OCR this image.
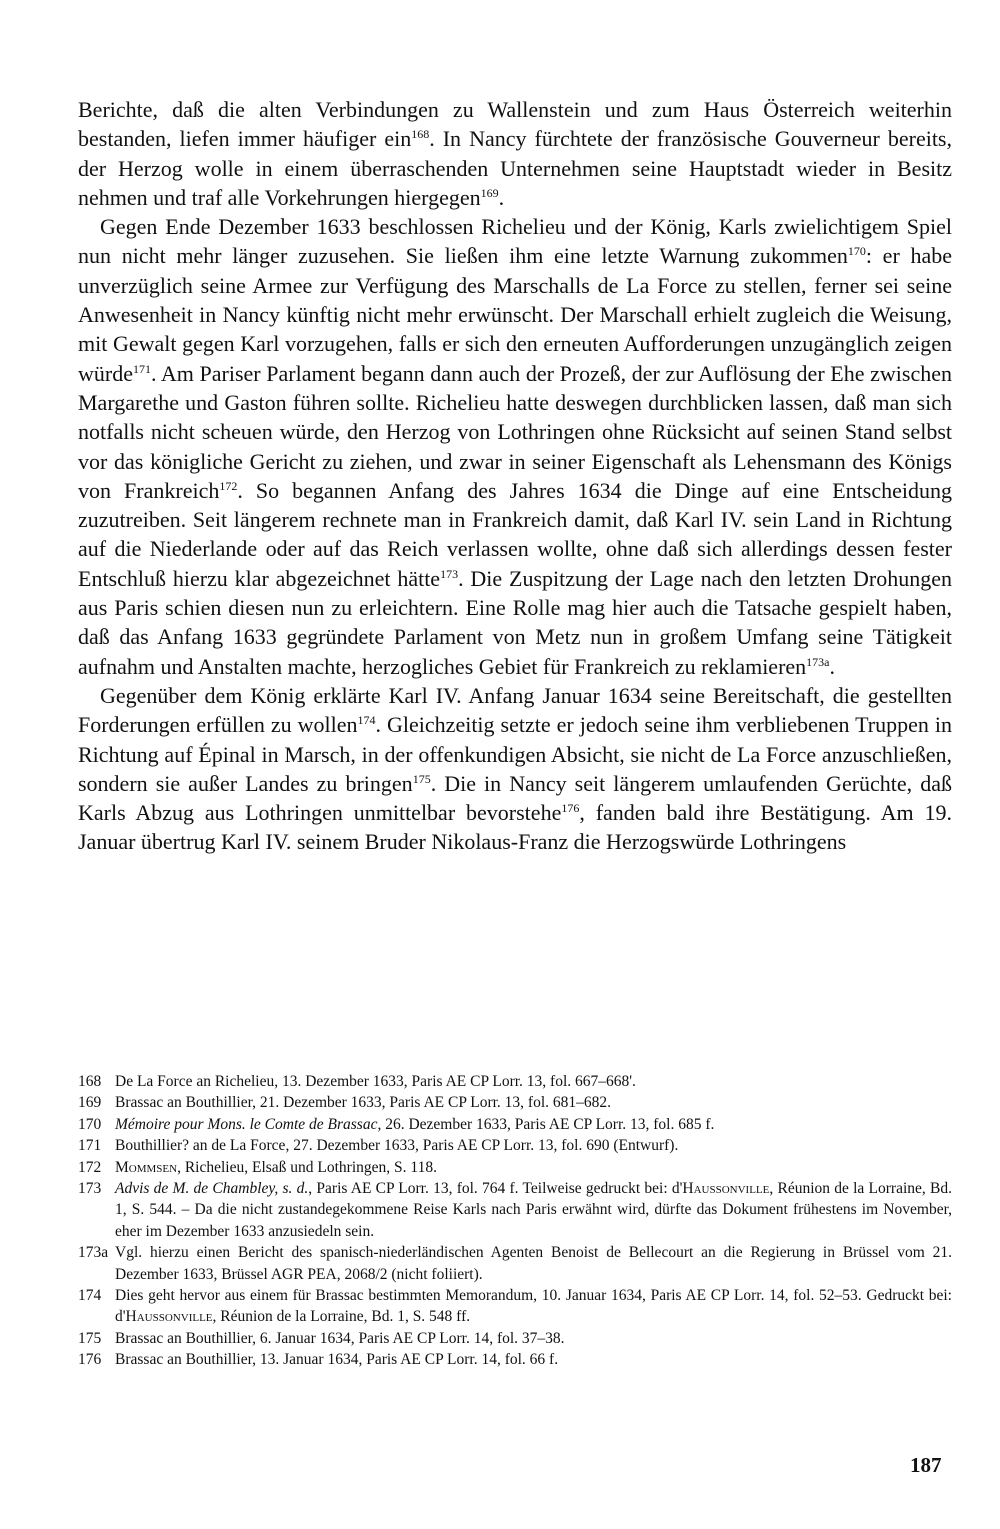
Berichte, daß die alten Verbindungen zu Wallenstein und zum Haus Österreich weiterhin bestanden, liefen immer häufiger ein$^{168}$. In Nancy fürchtete der französische Gouverneur bereits, der Herzog wolle in einem überraschenden Unternehmen seine Hauptstadt wieder in Besitz nehmen und traf alle Vorkehrungen hiergegen$^{169}$.

Gegen Ende Dezember 1633 beschlossen Richelieu und der König, Karls zwielichtigem Spiel nun nicht mehr länger zuzusehen. Sie ließen ihm eine letzte Warnung zukommen$^{170}$: er habe unverzüglich seine Armee zur Verfügung des Marschalls de La Force zu stellen, ferner sei seine Anwesenheit in Nancy künftig nicht mehr erwünscht. Der Marschall erhielt zugleich die Weisung, mit Gewalt gegen Karl vorzugehen, falls er sich den erneuten Aufforderungen unzugänglich zeigen würde$^{171}$. Am Pariser Parlament begann dann auch der Prozeß, der zur Auflösung der Ehe zwischen Margarethe und Gaston führen sollte. Richelieu hatte deswegen durchblicken lassen, daß man sich notfalls nicht scheuen würde, den Herzog von Lothringen ohne Rücksicht auf seinen Stand selbst vor das königliche Gericht zu ziehen, und zwar in seiner Eigenschaft als Lehensmann des Königs von Frankreich$^{172}$. So begannen Anfang des Jahres 1634 die Dinge auf eine Entscheidung zuzutreiben. Seit längerem rechnete man in Frankreich damit, daß Karl IV. sein Land in Richtung auf die Niederlande oder auf das Reich verlassen wollte, ohne daß sich allerdings dessen fester Entschluß hierzu klar abgezeichnet hätte$^{173}$. Die Zuspitzung der Lage nach den letzten Drohungen aus Paris schien diesen nun zu erleichtern. Eine Rolle mag hier auch die Tatsache gespielt haben, daß das Anfang 1633 gegründete Parlament von Metz nun in großem Umfang seine Tätigkeit aufnahm und Anstalten machte, herzogliches Gebiet für Frankreich zu reklamieren$^{173a}$.

Gegenüber dem König erklärte Karl IV. Anfang Januar 1634 seine Bereitschaft, die gestellten Forderungen erfüllen zu wollen$^{174}$. Gleichzeitig setzte er jedoch seine ihm verbliebenen Truppen in Richtung auf Épinal in Marsch, in der offenkundigen Absicht, sie nicht de La Force anzuschließen, sondern sie außer Landes zu bringen$^{175}$. Die in Nancy seit längerem umlaufenden Gerüchte, daß Karls Abzug aus Lothringen unmittelbar bevorstehe$^{176}$, fanden bald ihre Bestätigung. Am 19. Januar übertrug Karl IV. seinem Bruder Nikolaus-Franz die Herzogswürde Lothringens

168 De La Force an Richelieu, 13. Dezember 1633, Paris AE CP Lorr. 13, fol. 667–668'.
169 Brassac an Bouthillier, 21. Dezember 1633, Paris AE CP Lorr. 13, fol. 681–682.
170 Mémoire pour Mons. le Comte de Brassac, 26. Dezember 1633, Paris AE CP Lorr. 13, fol. 685 f.
171 Bouthillier? an de La Force, 27. Dezember 1633, Paris AE CP Lorr. 13, fol. 690 (Entwurf).
172 Mommsen, Richelieu, Elsaß und Lothringen, S. 118.
173 Advis de M. de Chambley, s. d., Paris AE CP Lorr. 13, fol. 764 f. Teilweise gedruckt bei: d'Haussonville, Réunion de la Lorraine, Bd. 1, S. 544. – Da die nicht zustandegekommene Reise Karls nach Paris erwähnt wird, dürfte das Dokument frühestens im November, eher im Dezember 1633 anzusiedeln sein.
173a Vgl. hierzu einen Bericht des spanisch-niederländischen Agenten Benoist de Bellecourt an die Regierung in Brüssel vom 21. Dezember 1633, Brüssel AGR PEA, 2068/2 (nicht foliiert).
174 Dies geht hervor aus einem für Brassac bestimmten Memorandum, 10. Januar 1634, Paris AE CP Lorr. 14, fol. 52–53. Gedruckt bei: d'Haussonville, Réunion de la Lorraine, Bd. 1, S. 548 ff.
175 Brassac an Bouthillier, 6. Januar 1634, Paris AE CP Lorr. 14, fol. 37–38.
176 Brassac an Bouthillier, 13. Januar 1634, Paris AE CP Lorr. 14, fol. 66 f.
187
